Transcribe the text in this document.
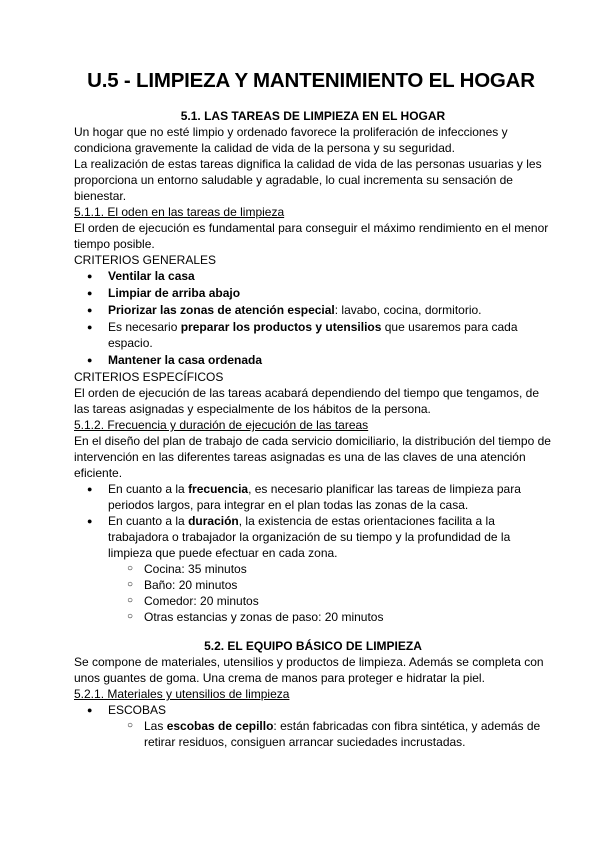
U.5 - LIMPIEZA Y MANTENIMIENTO EL HOGAR
5.1. LAS TAREAS DE LIMPIEZA EN EL HOGAR

Un hogar que no esté limpio y ordenado favorece la proliferación de infecciones y condiciona gravemente la calidad de vida de la persona y su seguridad.

La realización de estas tareas dignifica la calidad de vida de las personas usuarias y les proporciona un entorno saludable y agradable, lo cual incrementa su sensación de bienestar.

5.1.1. El oden en las tareas de limpieza

El orden de ejecución es fundamental para conseguir el máximo rendimiento en el menor tiempo posible.

CRITERIOS GENERALES

● Ventilar la casa
● Limpiar de arriba abajo
● Priorizar las zonas de atención especial: lavabo, cocina, dormitorio.
● Es necesario preparar los productos y utensilios que usaremos para cada espacio.
● Mantener la casa ordenada

CRITERIOS ESPECÍFICOS

El orden de ejecución de las tareas acabará dependiendo del tiempo que tengamos, de las tareas asignadas y especialmente de los hábitos de la persona.

5.1.2. Frecuencia y duración de ejecución de las tareas

En el diseño del plan de trabajo de cada servicio domiciliario, la distribución del tiempo de intervención en las diferentes tareas asignadas es una de las claves de una atención eficiente.

● En cuanto a la frecuencia, es necesario planificar las tareas de limpieza para periodos largos, para integrar en el plan todas las zonas de la casa.
● En cuanto a la duración, la existencia de estas orientaciones facilita a la trabajadora o trabajador la organización de su tiempo y la profundidad de la limpieza que puede efectuar en cada zona.
○ Cocina: 35 minutos
○ Baño: 20 minutos
○ Comedor: 20 minutos
○ Otras estancias y zonas de paso: 20 minutos
5.2. EL EQUIPO BÁSICO DE LIMPIEZA

Se compone de materiales, utensilios y productos de limpieza. Además se completa con unos guantes de goma. Una crema de manos para proteger e hidratar la piel.

5.2.1. Materiales y utensilios de limpieza

● ESCOBAS
○ Las escobas de cepillo: están fabricadas con fibra sintética, y además de retirar residuos, consiguen arrancar suciedades incrustadas.
